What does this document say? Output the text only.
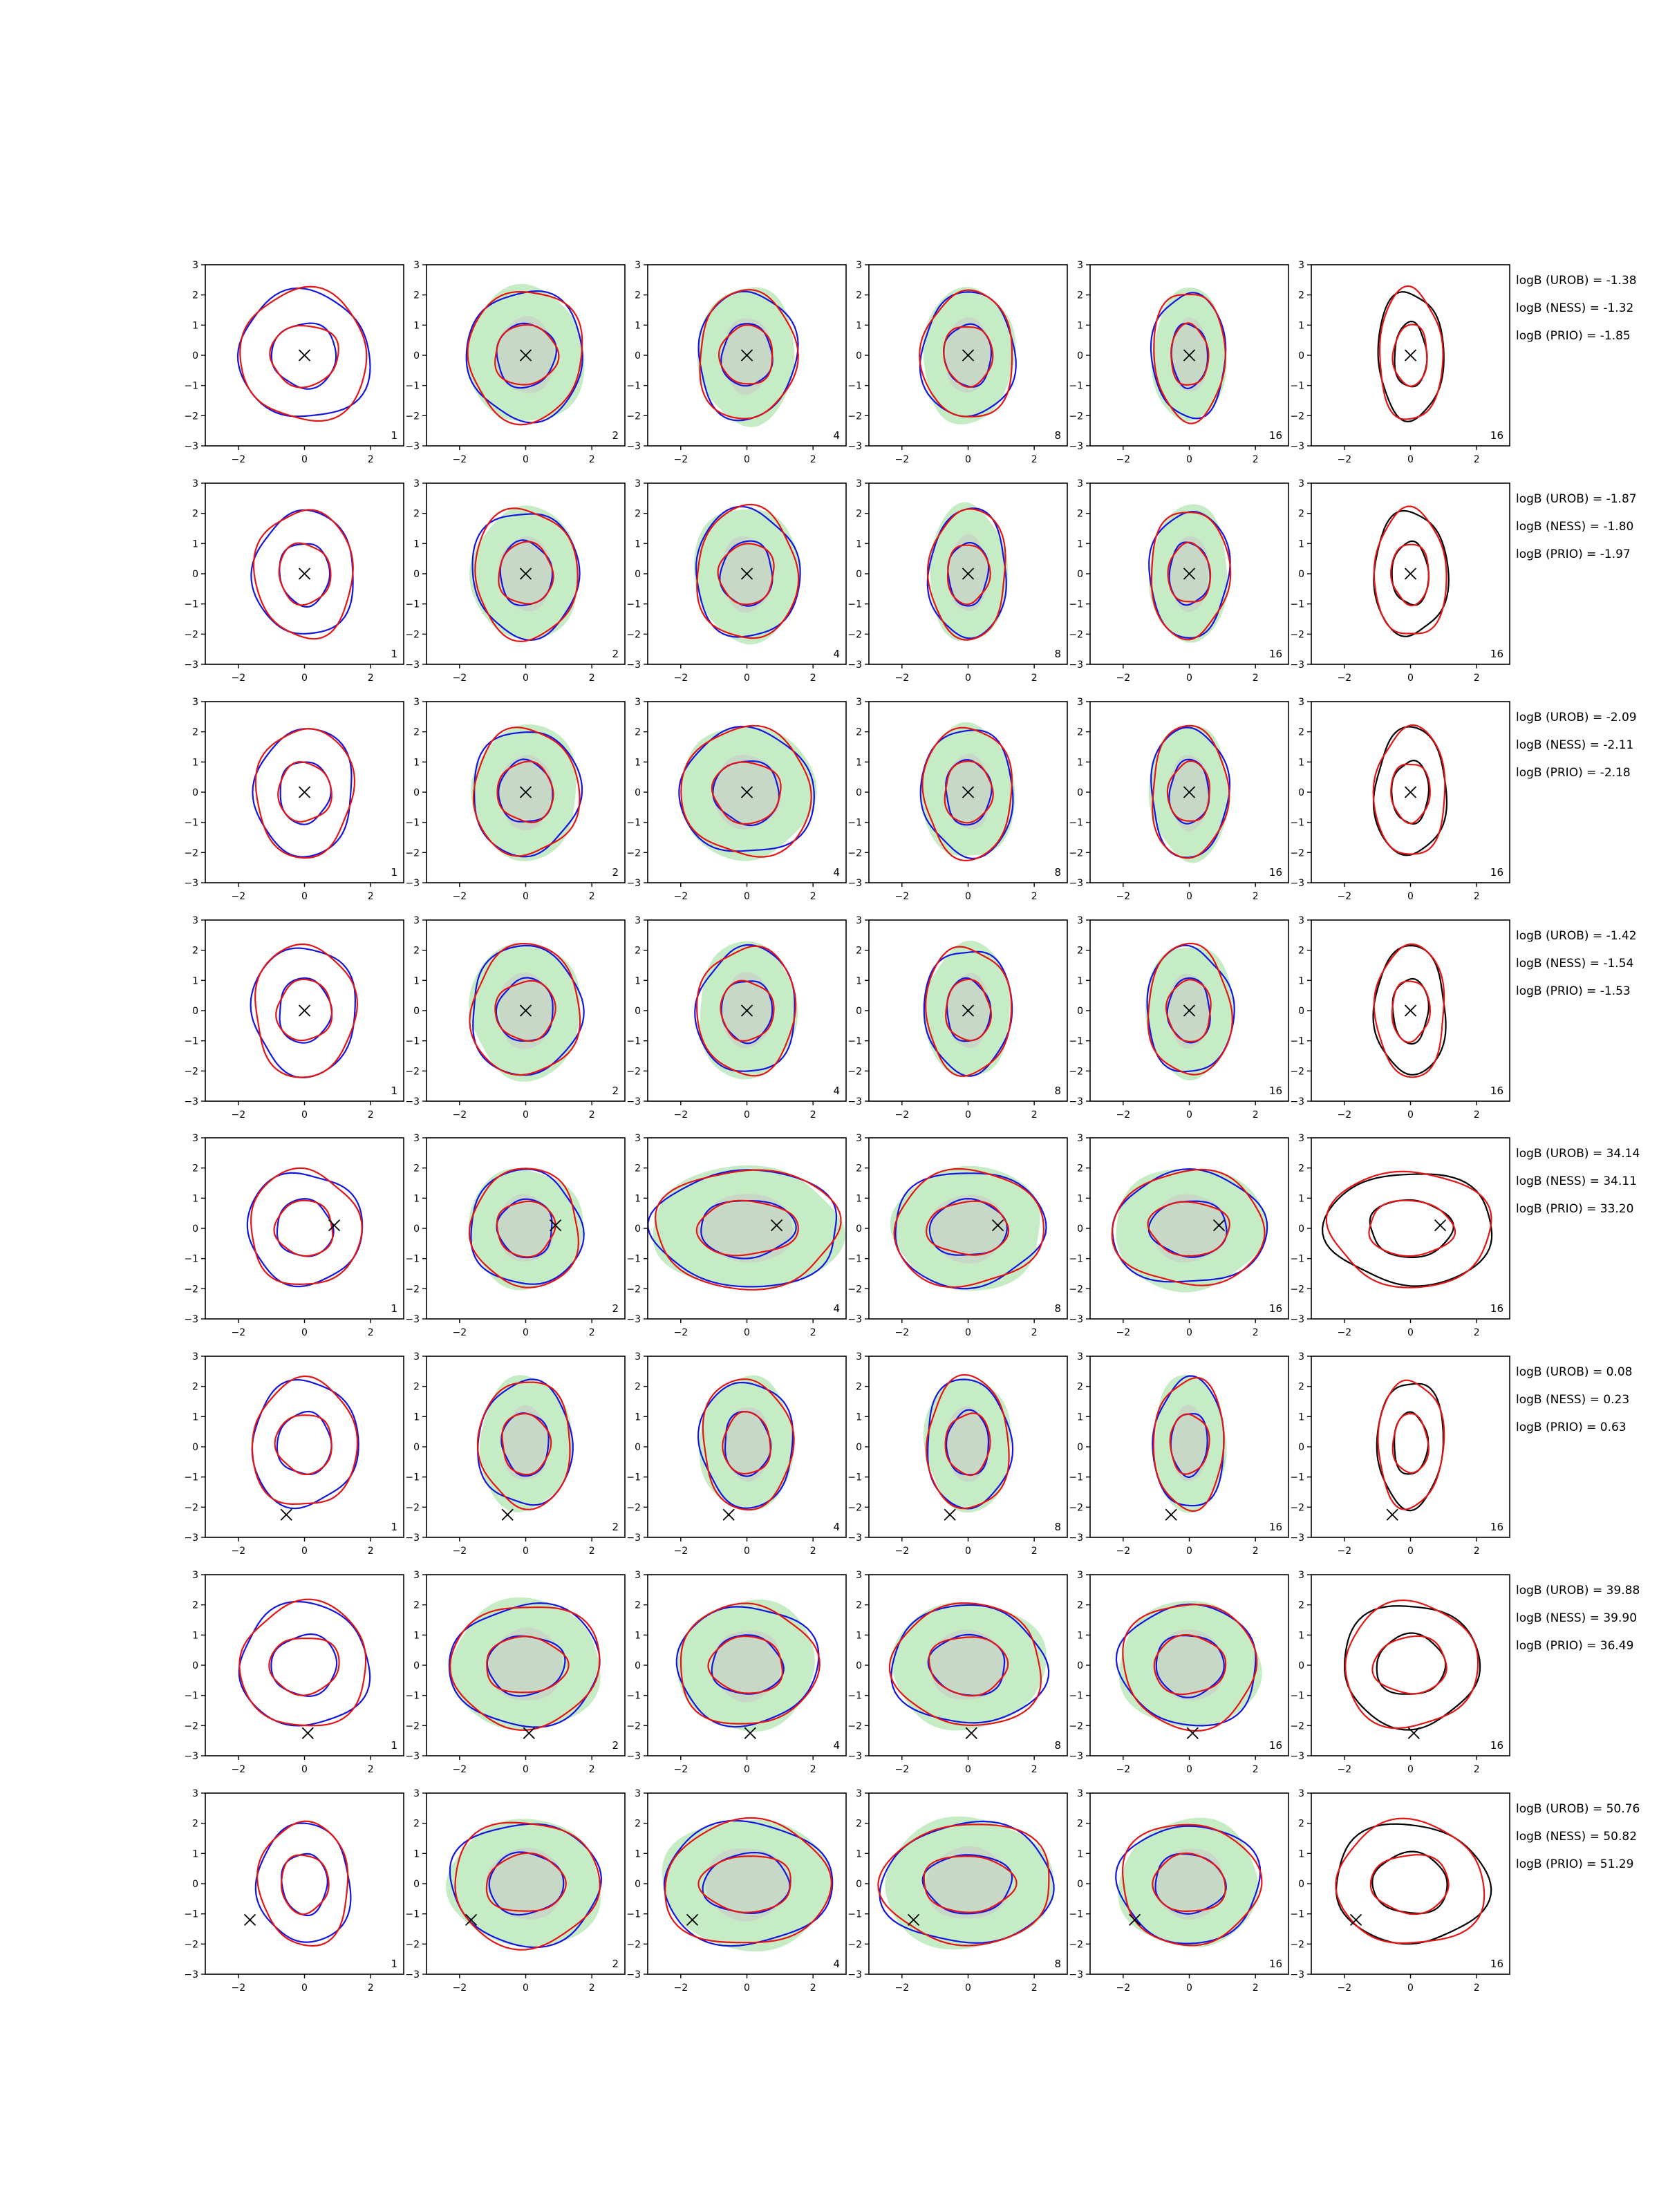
−2	0	2
3
2
1
0
−1
−2
−3
1
−2	0	2
3
2
1
0
−1
−2
−3
2
−2	0	2
3
2
1
0
−1
−2
−3
4
−2	0	2
3
2
1
0
−1
−2
−3
8
−2	0	2
3
2
1
0
−1
−2
−3
16
−2	0	2
3
2
1
0
−1
−2
−3
16
−2	0	2
3
2
1
0
−1
−2
−3
1
−2	0	2
3
2
1
0
−1
−2
−3
2
−2	0	2
3
2
1
0
−1
−2
−3
4
−2	0	2
3
2
1
0
−1
−2
−3
8
−2	0	2
3
2
1
0
−1
−2
−3
16
−2	0	2
3
2
1
0
−1
−2
−3
16
−2	0	2
3
2
1
0
−1
−2
−3
1
−2	0	2
3
2
1
0
−1
−2
−3
2
−2	0	2
3
2
1
0
−1
−2
−3
4
−2	0	2
3
2
1
0
−1
−2
−3
8
−2	0	2
3
2
1
0
−1
−2
−3
16
−2	0	2
3
2
1
0
−1
−2
−3
16
−2	0	2
3
2
1
0
−1
−2
−3
1
−2	0	2
3
2
1
0
−1
−2
−3
2
−2	0	2
3
2
1
0
−1
−2
−3
4
−2	0	2
3
2
1
0
−1
−2
−3
8
−2	0	2
3
2
1
0
−1
−2
−3
16
−2	0	2
3
2
1
0
−1
−2
−3
16
−2	0	2
3
2
1
0
−1
−2
−3
1
−2	0	2
3
2
1
0
−1
−2
−3
2
−2	0	2
3
2
1
0
−1
−2
−3
4
−2	0	2
3
2
1
0
−1
−2
−3
8
−2	0	2
3
2
1
0
−1
−2
−3
16
−2	0	2
3
2
1
0
−1
−2
−3
16
−2	0	2
3
2
1
0
−1
−2
−3
1
−2	0	2
3
2
1
0
−1
−2
−3
2
−2	0	2
3
2
1
0
−1
−2
−3
4
−2	0	2
3
2
1
0
−1
−2
−3
8
−2	0	2
3
2
1
0
−1
−2
−3
16
−2	0	2
3
2
1
0
−1
−2
−3
16
−2	0	2
3
2
1
0
−1
−2
−3
1
−2	0	2
3
2
1
0
−1
−2
−3
2
−2	0	2
3
2
1
0
−1
−2
−3
4
−2	0	2
3
2
1
0
−1
−2
−3
8
−2	0	2
3
2
1
0
−1
−2
−3
16
−2	0	2
3
2
1
0
−1
−2
−3
16
−2	0	2
3
2
1
0
−1
−2
−3
1
−2	0	2
3
2
1
0
−1
−2
−3
2
−2	0	2
3
2
1
0
−1
−2
−3
4
−2	0	2
3
2
1
0
−1
−2
−3
8
−2	0	2
3
2
1
0
−1
−2
−3
16
−2	0	2
3
2
1
0
−1
−2
−3
16
logB (UROB) = -1.38
logB (NESS) = -1.32
logB (PRIO) = -1.85
logB (UROB) = -1.87
logB (NESS) = -1.80
logB (PRIO) = -1.97
logB (UROB) = -2.09
logB (NESS) = -2.11
logB (PRIO) = -2.18
logB (UROB) = -1.42
logB (NESS) = -1.54
logB (PRIO) = -1.53
logB (UROB) = 34.14
logB (NESS) = 34.11
logB (PRIO) = 33.20
logB (UROB) = 0.08
logB (NESS) = 0.23
logB (PRIO) = 0.63
logB (UROB) = 39.88
logB (NESS) = 39.90
logB (PRIO) = 36.49
logB (UROB) = 50.76
logB (NESS) = 50.82
logB (PRIO) = 51.29
